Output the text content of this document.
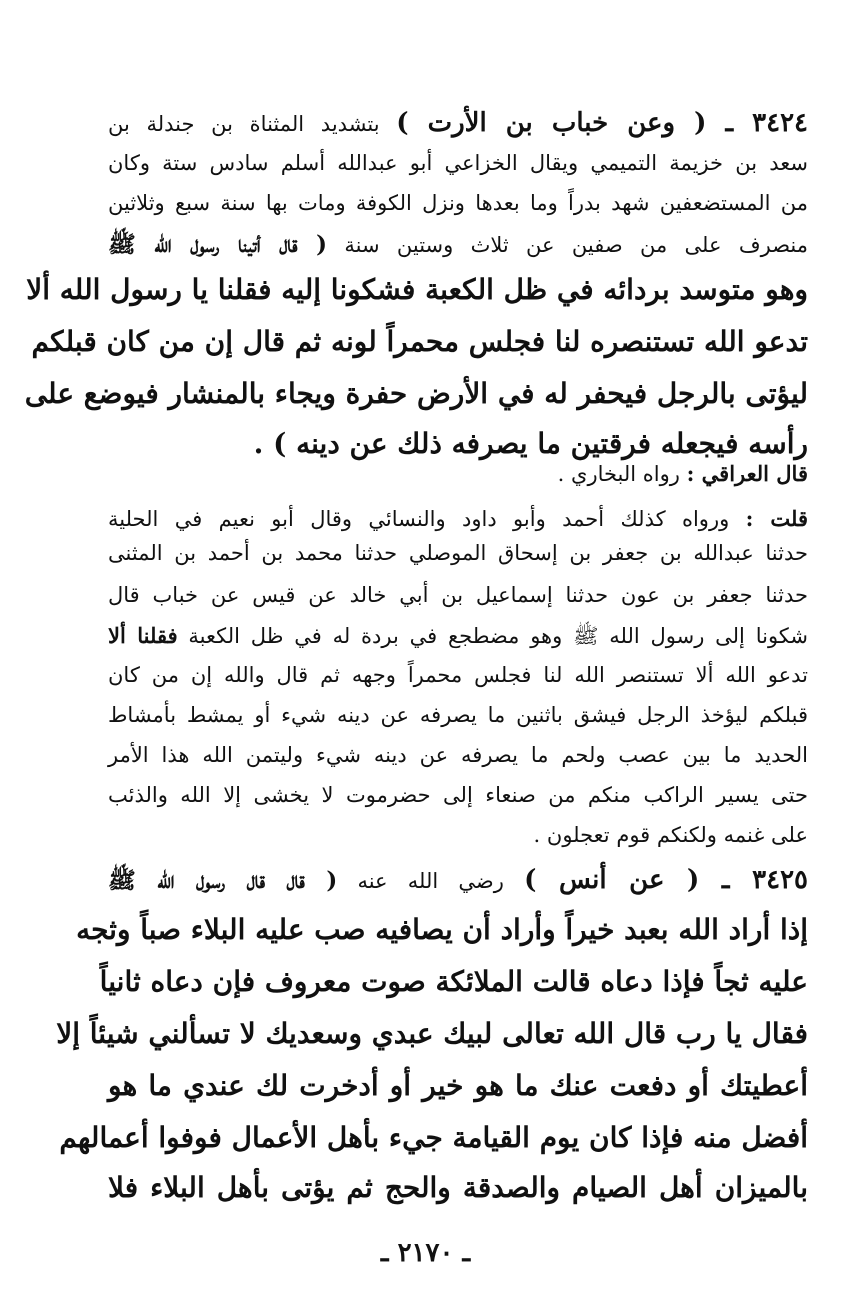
٣٤٢٤ ـ ( وعن خباب بن الأرت ) بتشديد المثناة بن جندلة بن
سعد بن خزيمة التميمي ويقال الخزاعي أبو عبدالله أسلم سادس ستة وكان
من المستضعفين شهد بدراً وما بعدها ونزل الكوفة ومات بها سنة سبع وثلاثين
منصرف على من صفين عن ثلاث وستين سنة ( قال أتينا رسول الله ﷺ
وهو متوسد بردائه في ظل الكعبة فشكونا إليه فقلنا يا رسول الله ألا
تدعو الله تستنصره لنا فجلس محمراً لونه ثم قال إن من كان قبلكم
ليؤتى بالرجل فيحفر له في الأرض حفرة ويجاء بالمنشار فيوضع على
رأسه فيجعله فرقتين ما يصرفه ذلك عن دينه ) .
قال العراقي : رواه البخاري .
قلت : ورواه كذلك أحمد وأبو داود والنسائي وقال أبو نعيم في الحلية
حدثنا عبدالله بن جعفر بن إسحاق الموصلي حدثنا محمد بن أحمد بن المثنى
حدثنا جعفر بن عون حدثنا إسماعيل بن أبي خالد عن قيس عن خباب قال
شكونا إلى رسول الله ﷺ وهو مضطجع في بردة له في ظل الكعبة فقلنا ألا
تدعو الله ألا تستنصر الله لنا فجلس محمراً وجهه ثم قال والله إن من كان
قبلكم ليؤخذ الرجل فيشق باثنين ما يصرفه عن دينه شيء أو يمشط بأمشاط
الحديد ما بين عصب ولحم ما يصرفه عن دينه شيء وليتمن الله هذا الأمر
حتى يسير الراكب منكم من صنعاء إلى حضرموت لا يخشى إلا الله والذئب
على غنمه ولكنكم قوم تعجلون .
٣٤٢٥ ـ ( عن أنس ) رضي الله عنه ( قال قال رسول الله ﷺ
إذا أراد الله بعبد خيراً وأراد أن يصافيه صب عليه البلاء صباً وثجه
عليه ثجاً فإذا دعاه قالت الملائكة صوت معروف فإن دعاه ثانياً
فقال يا رب قال الله تعالى لبيك عبدي وسعديك لا تسألني شيئاً إلا
أعطيتك أو دفعت عنك ما هو خير أو أدخرت لك عندي ما هو
أفضل منه فإذا كان يوم القيامة جيء بأهل الأعمال فوفوا أعمالهم
بالميزان أهل الصيام والصدقة والحج ثم يؤتى بأهل البلاء فلا
ـ ٢١٧٠ ـ
